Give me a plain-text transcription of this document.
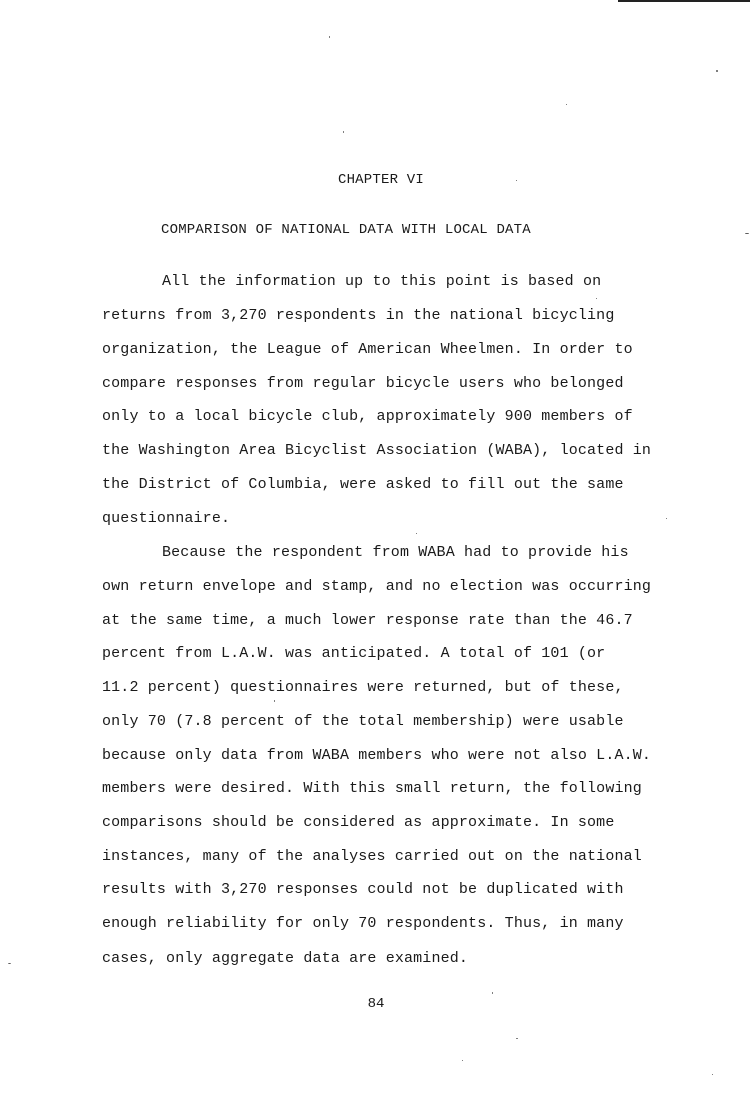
CHAPTER VI
COMPARISON OF NATIONAL DATA WITH LOCAL DATA
All the information up to this point is based on
returns from 3,270 respondents in the national bicycling
organization, the League of American Wheelmen. In order to
compare responses from regular bicycle users who belonged
only to a local bicycle club, approximately 900 members of
the Washington Area Bicyclist Association (WABA), located in
the District of Columbia, were asked to fill out the same
questionnaire.
Because the respondent from WABA had to provide his
own return envelope and stamp, and no election was occurring
at the same time, a much lower response rate than the 46.7
percent from L.A.W. was anticipated. A total of 101 (or
11.2 percent) questionnaires were returned, but of these,
only 70 (7.8 percent of the total membership) were usable
because only data from WABA members who were not also L.A.W.
members were desired. With this small return, the following
comparisons should be considered as approximate. In some
instances, many of the analyses carried out on the national
results with 3,270 responses could not be duplicated with
enough reliability for only 70 respondents. Thus, in many
cases, only aggregate data are examined.
84
